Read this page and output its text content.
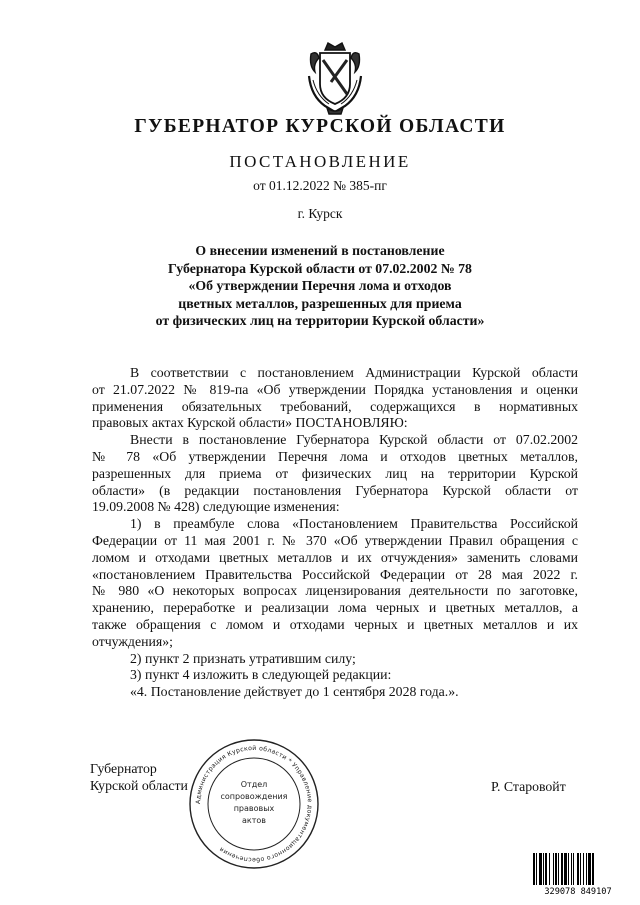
ГУБЕРНАТОР КУРСКОЙ ОБЛАСТИ
ПОСТАНОВЛЕНИЕ
от 01.12.2022 № 385-пг
г. Курск
О внесении изменений в постановление
Губернатора Курской области от 07.02.2002 № 78
«Об утверждении Перечня лома и отходов
цветных металлов, разрешенных для приема
от физических лиц на территории Курской области»
В соответствии с постановлением Администрации Курской области
от 21.07.2022 № 819-па «Об утверждении Порядка установления и оценки
применения обязательных требований, содержащихся в нормативных
правовых актах Курской области» ПОСТАНОВЛЯЮ:
Внести в постановление Губернатора Курской области от 07.02.2002
№ 78 «Об утверждении Перечня лома и отходов цветных металлов,
разрешенных для приема от физических лиц на территории Курской
области» (в редакции постановления Губернатора Курской области от
19.09.2008 № 428) следующие изменения:
1) в преамбуле слова «Постановлением Правительства Российской
Федерации от 11 мая 2001 г. № 370 «Об утверждении Правил обращения с
ломом и отходами цветных металлов и их отчуждения» заменить словами
«постановлением Правительства Российской Федерации от 28 мая 2022 г.
№ 980 «О некоторых вопросах лицензирования деятельности по заготовке,
хранению, переработке и реализации лома черных и цветных металлов, а
также обращения с ломом и отходами черных и цветных металлов и их
отчуждения»;
2) пункт 2 признать утратившим силу;
3) пункт 4 изложить в следующей редакции:
«4. Постановление действует до 1 сентября 2028 года.».
Губернатор
Курской области	Р. Старовойт
Администрация Курской области * Управление документационного обеспечения
Отдел
сопровождения
правовых
актов
329078 849107
